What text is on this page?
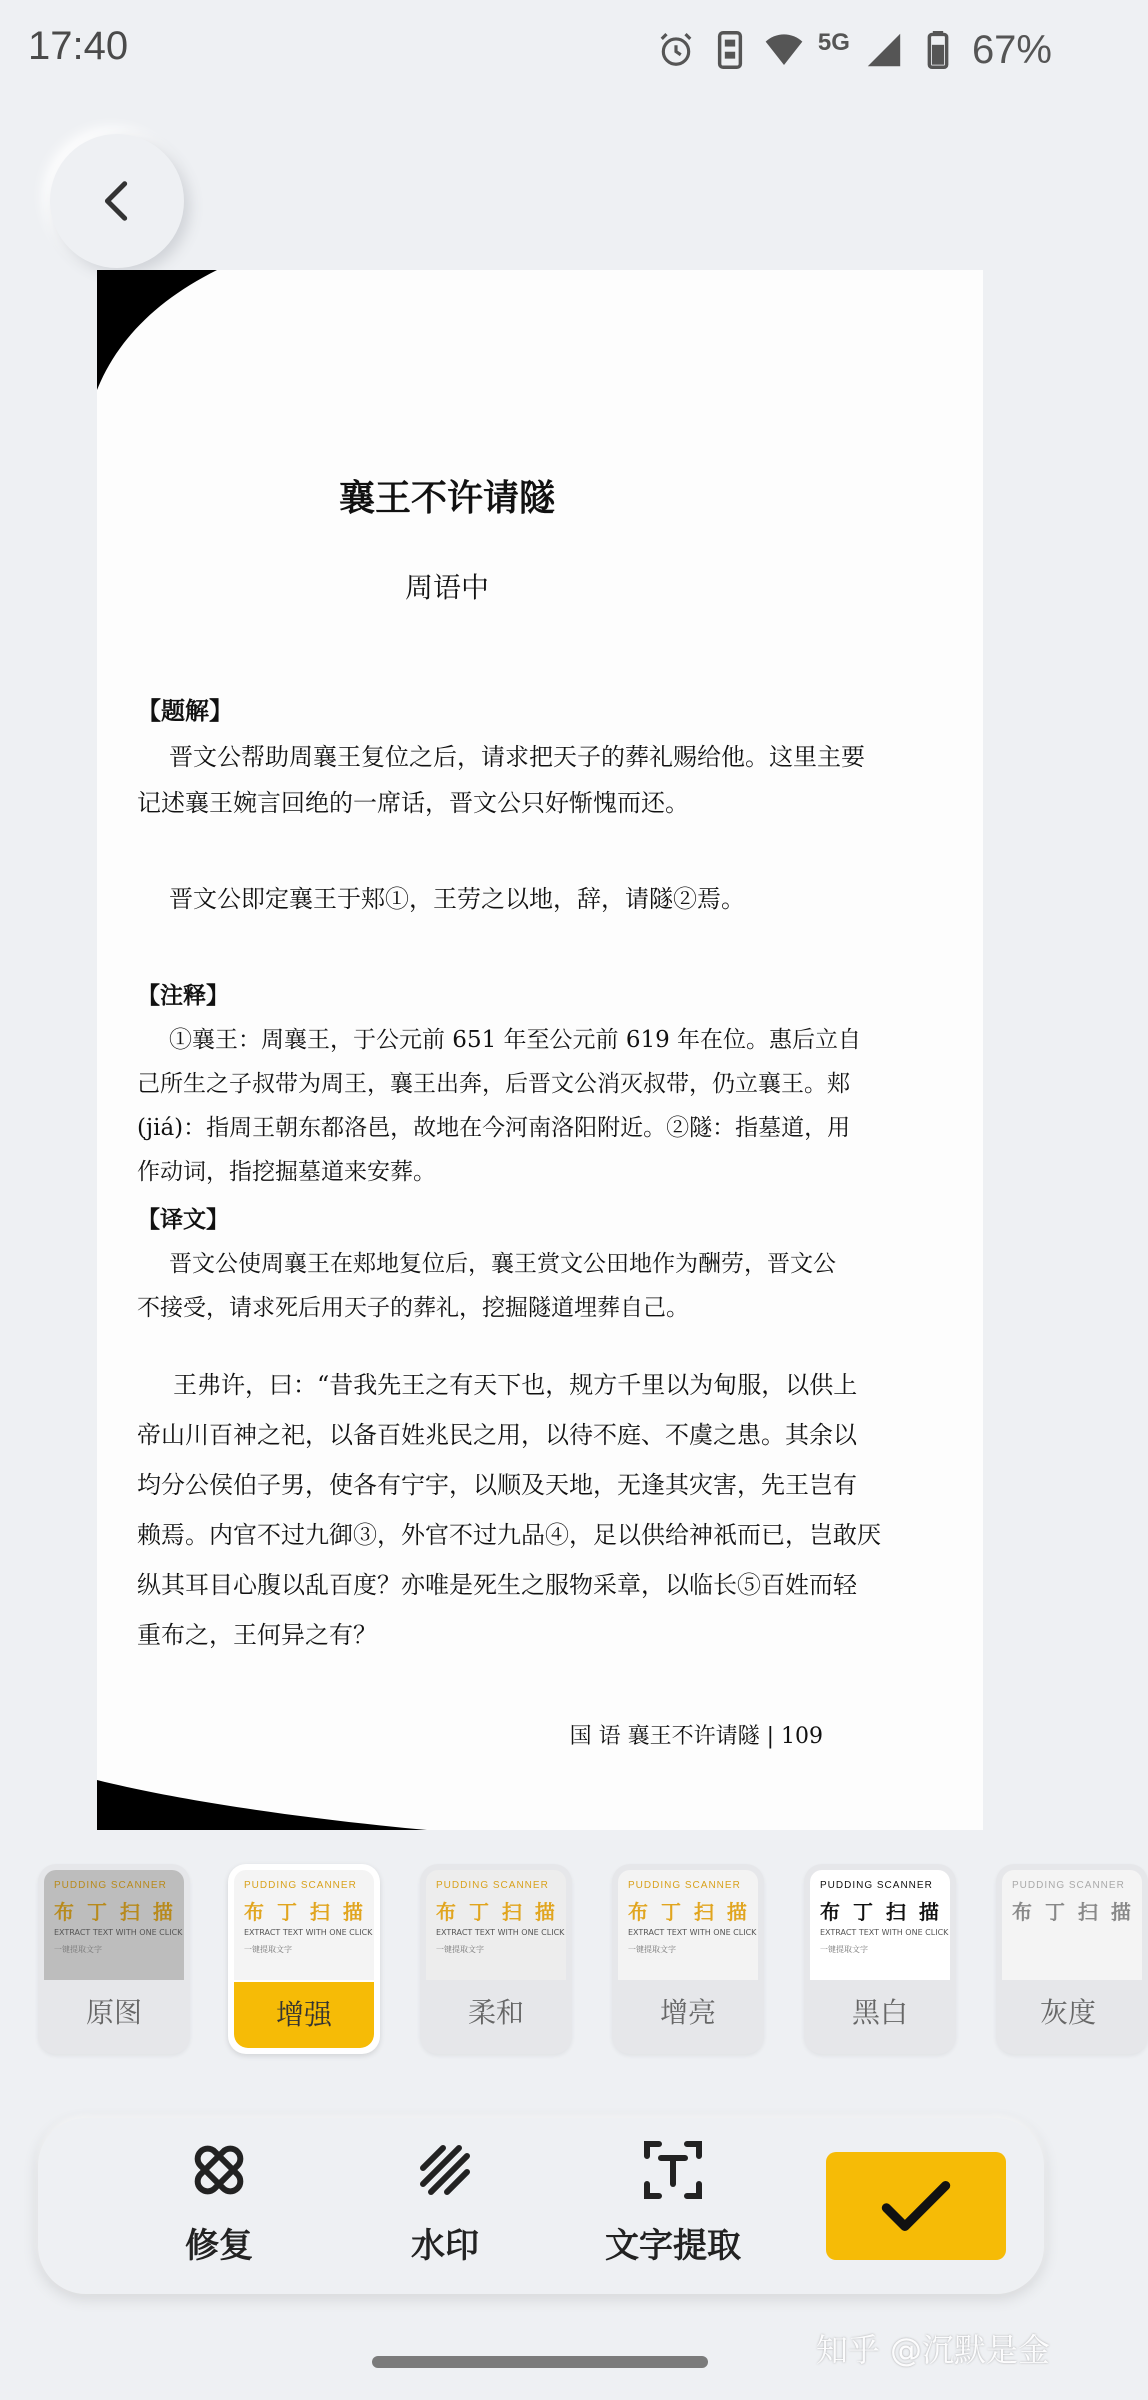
17:40	5G	67%
襄王不许请隧
周语中
【题解】
晋文公帮助周襄王复位之后，请求把天子的葬礼赐给他。这里主要
记述襄王婉言回绝的一席话，晋文公只好惭愧而还。
晋文公即定襄王于郏①，王劳之以地，辞，请隧②焉。
【注释】
①襄王：周襄王，于公元前 651 年至公元前 619 年在位。惠后立自
己所生之子叔带为周王，襄王出奔，后晋文公消灭叔带，仍立襄王。郏
(jiá)：指周王朝东都洛邑，故地在今河南洛阳附近。②隧：指墓道，用
作动词，指挖掘墓道来安葬。
【译文】
晋文公使周襄王在郏地复位后，襄王赏文公田地作为酬劳，晋文公
不接受，请求死后用天子的葬礼，挖掘隧道埋葬自己。
王弗许，曰：“昔我先王之有天下也，规方千里以为甸服，以供上
帝山川百神之祀，以备百姓兆民之用，以待不庭、不虞之患。其余以
均分公侯伯子男，使各有宁宇，以顺及天地，无逢其灾害，先王岂有
赖焉。内官不过九御③，外官不过九品④，足以供给神祇而已，岂敢厌
纵其耳目心腹以乱百度？亦唯是死生之服物采章，以临长⑤百姓而轻
重布之，王何异之有？
国 语 襄王不许请隧 | 109
PUDDING SCANNER
布 丁 扫 描
EXTRACT TEXT WITH ONE CLICK
一键提取文字
原图
PUDDING SCANNER
布 丁 扫 描
EXTRACT TEXT WITH ONE CLICK
一键提取文字
增强
PUDDING SCANNER
布 丁 扫 描
EXTRACT TEXT WITH ONE CLICK
一键提取文字
柔和
PUDDING SCANNER
布 丁 扫 描
EXTRACT TEXT WITH ONE CLICK
一键提取文字
增亮
PUDDING SCANNER
布 丁 扫 描
EXTRACT TEXT WITH ONE CLICK
一键提取文字
黑白
PUDDING SCANNER
布 丁 扫 描
灰度
修复	水印	文字提取
知乎 @沉默是金
